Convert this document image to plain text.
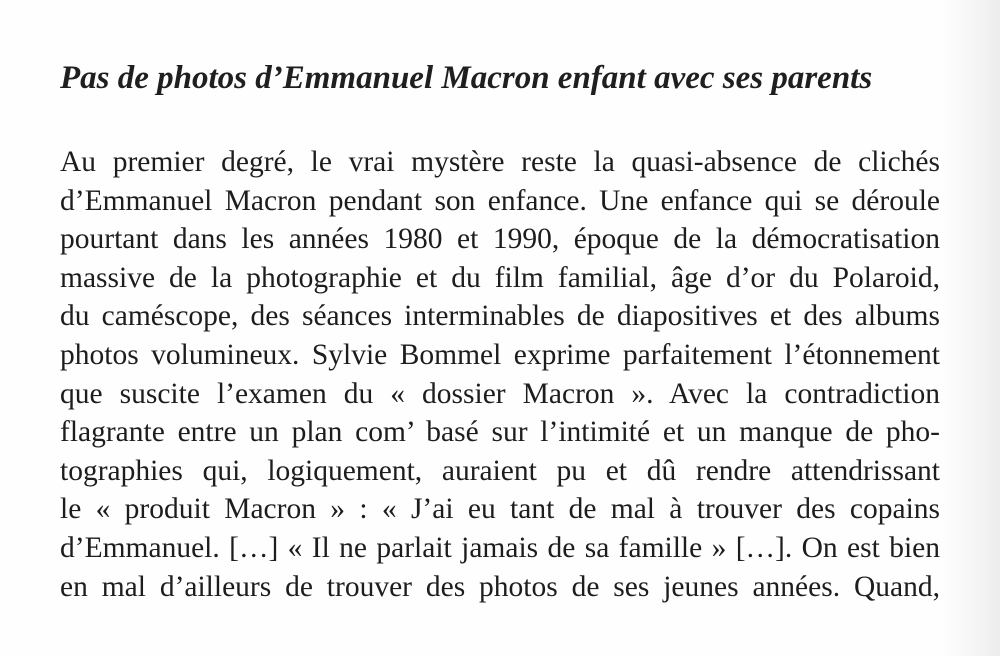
Pas de photos d’Emmanuel Macron enfant avec ses parents
Au premier degré, le vrai mystère reste la quasi-absence de clichés
d’Emmanuel Macron pendant son enfance. Une enfance qui se déroule
pourtant dans les années 1980 et 1990, époque de la démocratisation
massive de la photographie et du film familial, âge d’or du Polaroid,
du caméscope, des séances interminables de diapositives et des albums
photos volumineux. Sylvie Bommel exprime parfaitement l’étonnement
que suscite l’examen du « dossier Macron ». Avec la contradiction
flagrante entre un plan com’ basé sur l’intimité et un manque de pho-
tographies qui, logiquement, auraient pu et dû rendre attendrissant
le « produit Macron » : « J’ai eu tant de mal à trouver des copains
d’Emmanuel. […] « Il ne parlait jamais de sa famille » […]. On est bien
en mal d’ailleurs de trouver des photos de ses jeunes années. Quand,
